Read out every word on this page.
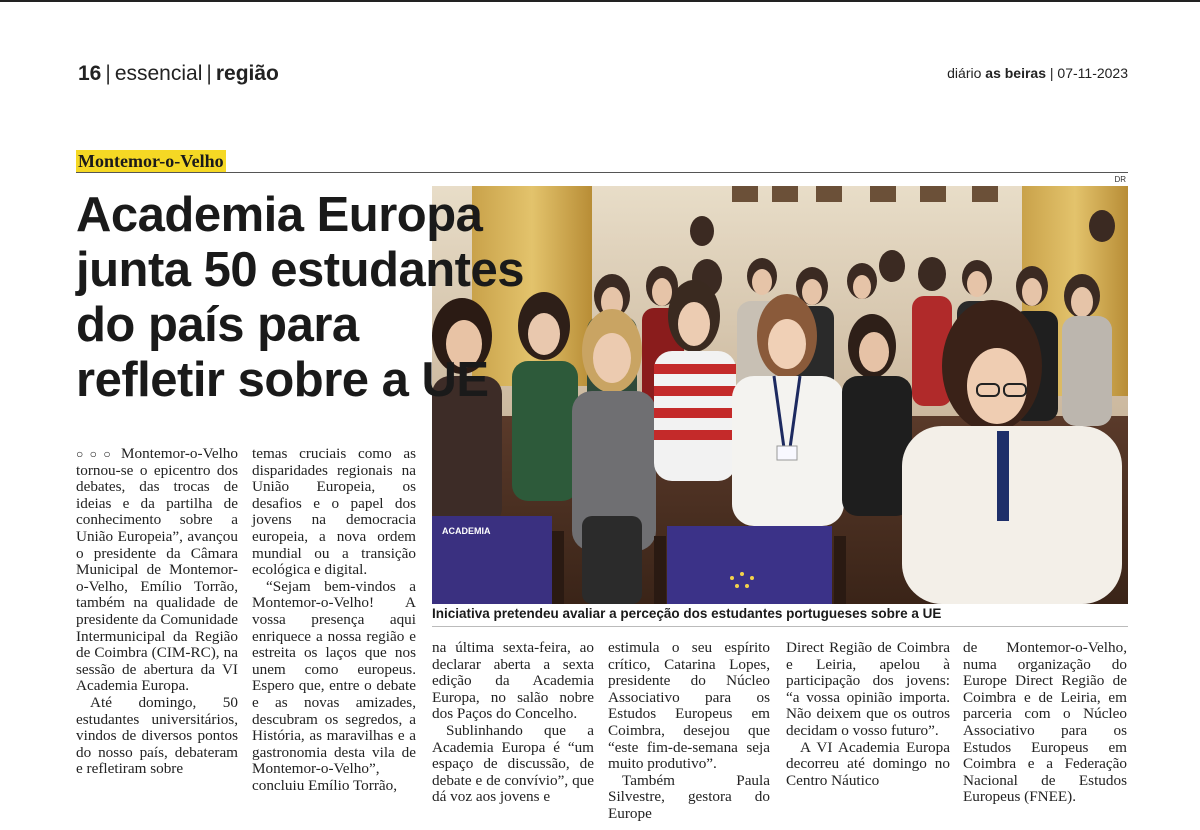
16 | essencial | região	diário as beiras | 07-11-2023
Montemor-o-Velho
DR
ACADEMIA
Iniciativa pretendeu avaliar a perceção dos estudantes portugueses sobre a UE
Academia Europa
junta 50 estudantes
do país para
refletir sobre a UE

○○○ Montemor-o-Velho tornou-se o epicentro dos debates, das trocas de ideias e da partilha de conhecimento sobre a União Europeia”, avançou o presidente da Câmara Municipal de Montemor-o-Velho, Emílio Torrão, também na qualidade de presidente da Comunidade Intermunicipal da Região de Coimbra (CIM-RC), na sessão de abertura da VI Academia Europa.

Até domingo, 50 estudantes universitários, vindos de diversos pontos do nosso país, debateram e refletiram sobre

temas cruciais como as disparidades regionais na União Europeia, os desafios e o papel dos jovens na democracia europeia, a nova ordem mundial ou a transição ecológica e digital.

“Sejam bem-vindos a Montemor-o-Velho! A vossa presença aqui enriquece a nossa região e estreita os laços que nos unem como europeus. Espero que, entre o debate e as novas amizades, descubram os segredos, a História, as maravilhas e a gastronomia desta vila de Montemor-o-Velho”, concluiu Emílio Torrão,

na última sexta-feira, ao declarar aberta a sexta edição da Academia Europa, no salão nobre dos Paços do Concelho.

Sublinhando que a Academia Europa é “um espaço de discussão, de debate e de convívio”, que dá voz aos jovens e

estimula o seu espírito crítico, Catarina Lopes, presidente do Núcleo Associativo para os Estudos Europeus em Coimbra, desejou que “este fim-de-semana seja muito produtivo”.

Também Paula Silvestre, gestora do Europe

Direct Região de Coimbra e Leiria, apelou à participação dos jovens: “a vossa opinião importa. Não deixem que os outros decidam o vosso futuro”.

A VI Academia Europa decorreu até domingo no Centro Náutico

de Montemor-o-Velho, numa organização do Europe Direct Região de Coimbra e de Leiria, em parceria com o Núcleo Associativo para os Estudos Europeus em Coimbra e a Federação Nacional de Estudos Europeus (FNEE).
